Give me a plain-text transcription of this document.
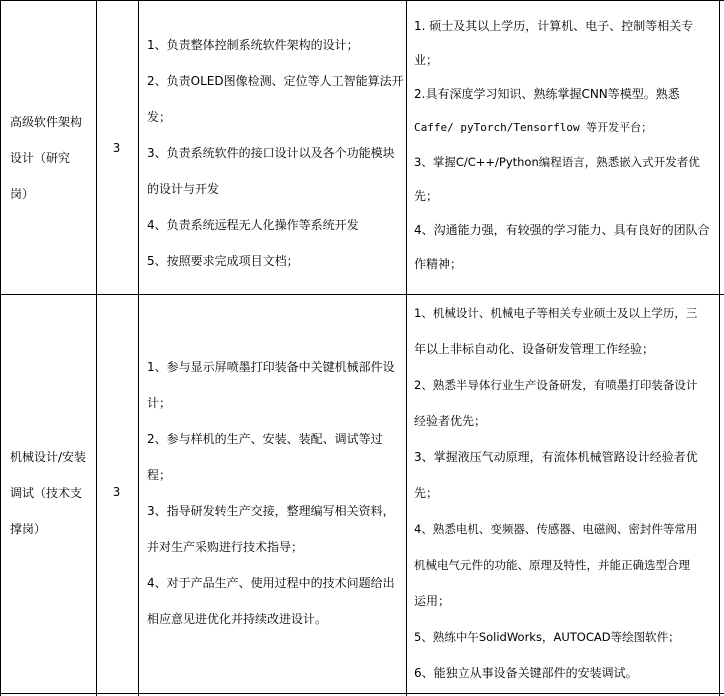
高级软件架构

设计（研究

岗）

3

1、负责整体控制系统软件架构的设计；

2、负责OLED图像检测、定位等人工智能算法开

发；

3、负责系统软件的接口设计以及各个功能模块

的设计与开发

4、负责系统远程无人化操作等系统开发

5、按照要求完成项目文档；

1. 硕士及其以上学历，计算机、电子、控制等相关专

业；

2.具有深度学习知识、熟练掌握CNN等模型。熟悉

Caffe/ pyTorch/Tensorflow 等开发平台；

3、掌握C/C++/Python编程语言，熟悉嵌入式开发者优

先；

4、沟通能力强，有较强的学习能力、具有良好的团队合

作精神；

机械设计/安装

调试（技术支

撑岗）

3

1、参与显示屏喷墨打印装备中关键机械部件设

计；

2、参与样机的生产、安装、装配、调试等过

程；

3、指导研发转生产交接，整理编写相关资料，

并对生产采购进行技术指导；

4、对于产品生产、使用过程中的技术问题给出

相应意见进优化并持续改进设计。

1、机械设计、机械电子等相关专业硕士及以上学历，三

年以上非标自动化、设备研发管理工作经验；

2、熟悉半导体行业生产设备研发，有喷墨打印装备设计

经验者优先；

3、掌握液压气动原理，有流体机械管路设计经验者优

先；

4、熟悉电机、变频器、传感器、电磁阀、密封件等常用

机械电气元件的功能、原理及特性，并能正确选型合理

运用；

5、熟练中午SolidWorks，AUTOCAD等绘图软件；

6、能独立从事设备关键部件的安装调试。
